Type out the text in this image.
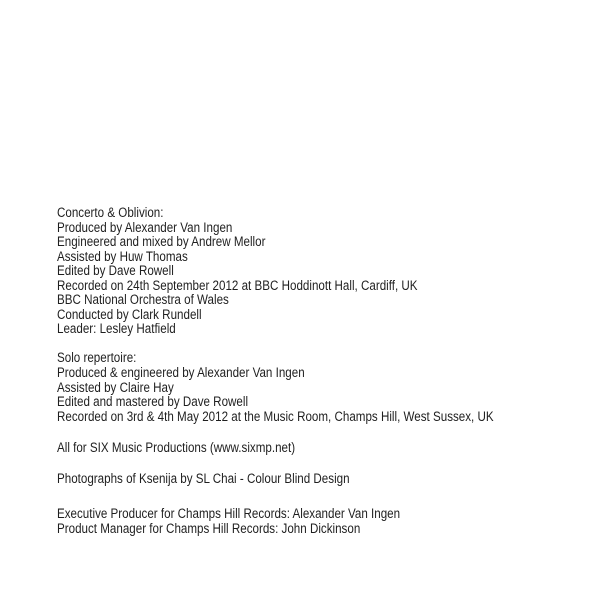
Concerto & Oblivion:
Produced by Alexander Van Ingen
Engineered and mixed by Andrew Mellor
Assisted by Huw Thomas
Edited by Dave Rowell
Recorded on 24th September 2012 at BBC Hoddinott Hall, Cardiff, UK
BBC National Orchestra of Wales
Conducted by Clark Rundell
Leader: Lesley Hatfield
Solo repertoire:
Produced & engineered by Alexander Van Ingen
Assisted by Claire Hay
Edited and mastered by Dave Rowell
Recorded on 3rd & 4th May 2012 at the Music Room, Champs Hill, West Sussex, UK
All for SIX Music Productions (www.sixmp.net)
Photographs of Ksenija by SL Chai - Colour Blind Design
Executive Producer for Champs Hill Records: Alexander Van Ingen
Product Manager for Champs Hill Records: John Dickinson
